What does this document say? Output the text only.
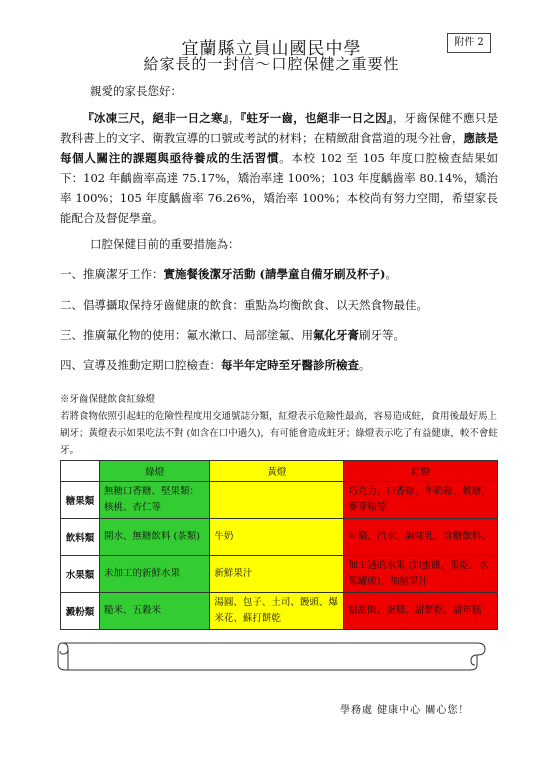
宜蘭縣立員山國民中學
給家長的一封信～口腔保健之重要性
附件 2
親愛的家長您好：
『冰凍三尺，絕非一日之寒』，『蛀牙一齒，也絕非一日之因』，牙齒保健不應只是教科書上的文字、衛教宣導的口號或考試的材料；在精緻甜食當道的現今社會，應該是每個人關注的課題與亟待養成的生活習慣。本校 102 至 105 年度口腔檢查結果如下：102 年齲齒率高達 75.17%，矯治率達 100%；103 年度齲齒率 80.14%，矯治率 100%；105 年度齲齒率 76.26%，矯治率 100%；本校尚有努力空間，希望家長能配合及督促學童。
口腔保健目前的重要措施為：
一、推廣潔牙工作：實施餐後潔牙活動 (請學童自備牙刷及杯子)。
二、倡導攝取保持牙齒健康的飲食：重點為均衡飲食、以天然食物最佳。
三、推廣氟化物的使用：氟水漱口、局部塗氟、用氟化牙膏刷牙等。
四、宣導及推動定期口腔檢查：每半年定時至牙醫診所檢查。
※牙齒保健飲食紅綠燈
若將食物依照引起蛀的危險性程度用交通號誌分類，紅燈表示危險性最高，容易造成蛀，食用後最好馬上刷牙；黃燈表示如果吃法不對 (如含在口中過久)，有可能會造成蛀牙；綠燈表示吃了有益健康，較不會蛀牙。
	綠燈	黃燈	紅燈
糖果類	無糖口香糖、堅果類：核桃、杏仁等		巧克力、口香糖、牛奶糖、軟糖、麥芽糖等
飲料類	開水、無糖飲料 (茶類)	牛奶	可樂、汽水、調味乳、含糖飲料。
水果類	未加工的新鮮水果	新鮮果汁	加工過的水果 (如蜜餞、果乾、水果罐頭)、加糖果汁
澱粉類	糙米、五穀米	湯圓、包子、土司、饅頭、爆米花、蘇打餅乾	甜甜圈、蛋糕、甜餅乾、甜年糕
學務處 健康中心 關心您！
